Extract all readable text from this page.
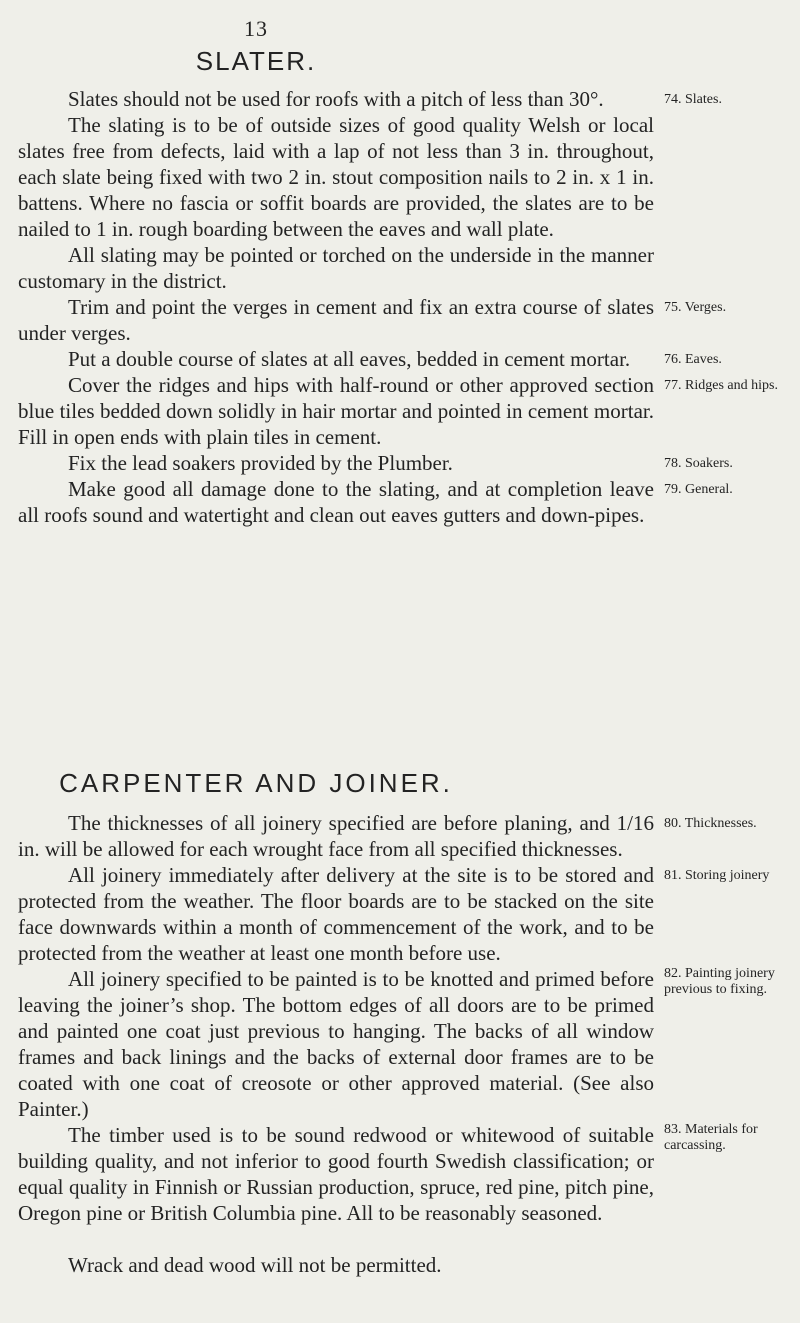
13
SLATER.

Slates should not be used for roofs with a pitch of less than 30°.

The slating is to be of outside sizes of good quality Welsh or local slates free from defects, laid with a lap of not less than 3 in. throughout, each slate being fixed with two 2 in. stout composition nails to 2 in. x 1 in. battens. Where no fascia or soffit boards are provided, the slates are to be nailed to 1 in. rough boarding between the eaves and wall plate.

All slating may be pointed or torched on the underside in the manner customary in the district.

Trim and point the verges in cement and fix an extra course of slates under verges.

Put a double course of slates at all eaves, bedded in cement mortar.

Cover the ridges and hips with half-round or other approved section blue tiles bedded down solidly in hair mortar and pointed in cement mortar. Fill in open ends with plain tiles in cement.

Fix the lead soakers provided by the Plumber.

Make good all damage done to the slating, and at completion leave all roofs sound and watertight and clean out eaves gutters and down-pipes.

74. Slates.
75. Verges.
76. Eaves.
77. Ridges and hips.
78. Soakers.
79. General.
CARPENTER AND JOINER.

The thicknesses of all joinery specified are before planing, and 1/16 in. will be allowed for each wrought face from all specified thicknesses.

All joinery immediately after delivery at the site is to be stored and protected from the weather. The floor boards are to be stacked on the site face downwards within a month of commencement of the work, and to be protected from the weather at least one month before use.

All joinery specified to be painted is to be knotted and primed before leaving the joiner’s shop. The bottom edges of all doors are to be primed and painted one coat just previous to hanging. The backs of all window frames and back linings and the backs of external door frames are to be coated with one coat of creosote or other approved material. (See also Painter.)

The timber used is to be sound redwood or whitewood of suitable building quality, and not inferior to good fourth Swedish classification; or equal quality in Finnish or Russian production, spruce, red pine, pitch pine, Oregon pine or British Columbia pine. All to be reasonably seasoned.

Wrack and dead wood will not be permitted.

80. Thicknesses.
81. Storing joinery
82. Painting joinery previous to fixing.
83. Materials for carcassing.
